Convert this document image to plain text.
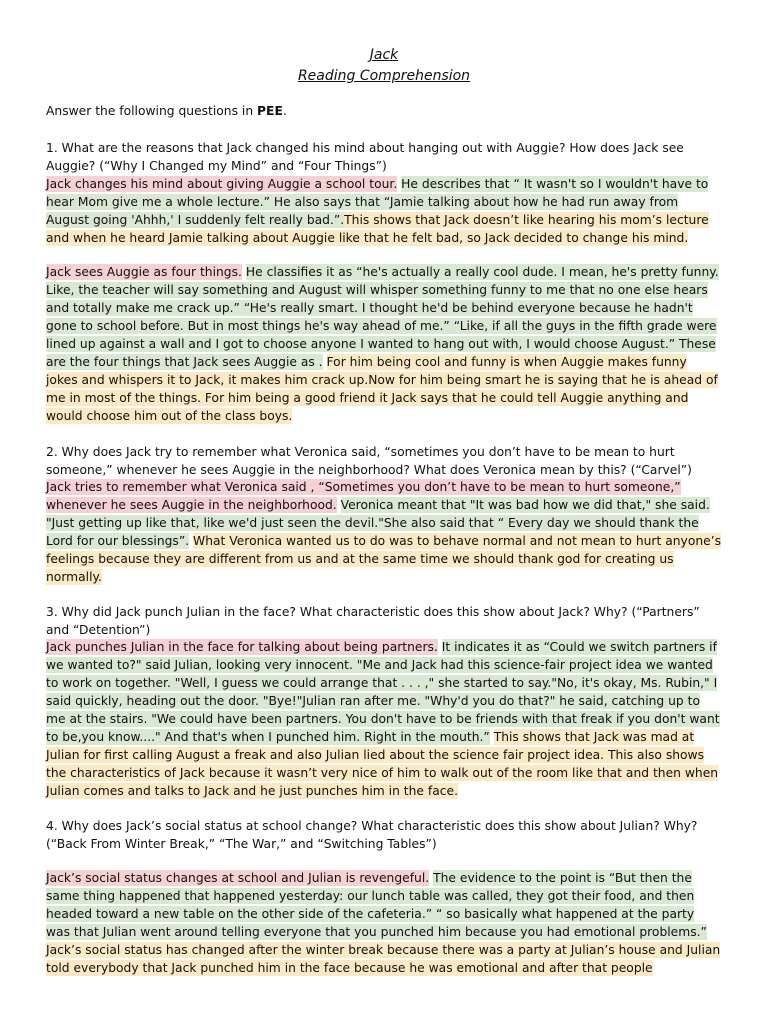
Jack
Reading Comprehension

Answer the following questions in PEE.

1. What are the reasons that Jack changed his mind about hanging out with Auggie? How does Jack see Auggie? (“Why I Changed my Mind” and “Four Things”)

Jack changes his mind about giving Auggie a school tour. He describes that “ It wasn't so I wouldn't have to hear Mom give me a whole lecture.” He also says that “Jamie talking about how he had run away from August going 'Ahhh,' I suddenly felt really bad.”.This shows that Jack doesn’t like hearing his mom’s lecture and when he heard Jamie talking about Auggie like that he felt bad, so Jack decided to change his mind.

Jack sees Auggie as four things. He classifies it as “he's actually a really cool dude. I mean, he's pretty funny. Like, the teacher will say something and August will whisper something funny to me that no one else hears and totally make me crack up.” “He's really smart. I thought he'd be behind everyone because he hadn't gone to school before. But in most things he's way ahead of me.” “Like, if all the guys in the fifth grade were lined up against a wall and I got to choose anyone I wanted to hang out with, I would choose August.” These are the four things that Jack sees Auggie as . For him being cool and funny is when Auggie makes funny jokes and whispers it to Jack, it makes him crack up.Now for him being smart he is saying that he is ahead of me in most of the things. For him being a good friend it Jack says that he could tell Auggie anything and would choose him out of the class boys.

2. Why does Jack try to remember what Veronica said, “sometimes you don’t have to be mean to hurt someone,” whenever he sees Auggie in the neighborhood? What does Veronica mean by this? (“Carvel”)

Jack tries to remember what Veronica said , “Sometimes you don’t have to be mean to hurt someone,” whenever he sees Auggie in the neighborhood. Veronica meant that "It was bad how we did that," she said. "Just getting up like that, like we'd just seen the devil."She also said that “ Every day we should thank the Lord for our blessings”. What Veronica wanted us to do was to behave normal and not mean to hurt anyone’s feelings because they are different from us and at the same time we should thank god for creating us normally.

3. Why did Jack punch Julian in the face? What characteristic does this show about Jack? Why? (“Partners” and “Detention”)

Jack punches Julian in the face for talking about being partners. It indicates it as “Could we switch partners if we wanted to?" said Julian, looking very innocent. "Me and Jack had this science-fair project idea we wanted to work on together. "Well, I guess we could arrange that . . . ," she started to say."No, it's okay, Ms. Rubin," I said quickly, heading out the door. "Bye!"Julian ran after me. "Why'd you do that?" he said, catching up to me at the stairs. "We could have been partners. You don't have to be friends with that freak if you don't want to be,you know...." And that's when I punched him. Right in the mouth.” This shows that Jack was mad at Julian for first calling August a freak and also Julian lied about the science fair project idea. This also shows the characteristics of Jack because it wasn’t very nice of him to walk out of the room like that and then when Julian comes and talks to Jack and he just punches him in the face.

4. Why does Jack’s social status at school change? What characteristic does this show about Julian? Why? (“Back From Winter Break,” “The War,” and “Switching Tables”)

Jack’s social status changes at school and Julian is revengeful. The evidence to the point is “But then the same thing happened that happened yesterday: our lunch table was called, they got their food, and then headed toward a new table on the other side of the cafeteria.” “ so basically what happened at the party was that Julian went around telling everyone that you punched him because you had emotional problems.” Jack’s social status has changed after the winter break because there was a party at Julian’s house and Julian told everybody that Jack punched him in the face because he was emotional and after that people
